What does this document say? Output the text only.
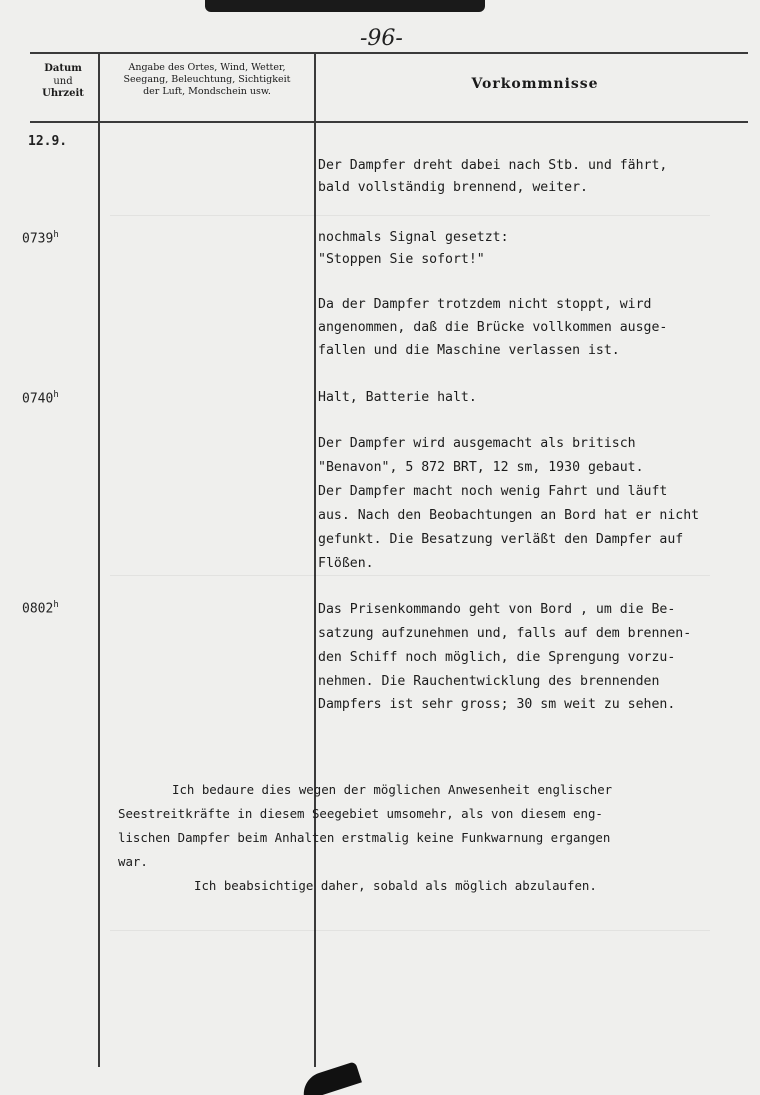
-96-
Datum
und
Uhrzeit
Angabe des Ortes, Wind, Wetter,
Seegang, Beleuchtung, Sichtigkeit
der Luft, Mondschein usw.	Vorkommnisse
12.9.
0739$^h$
0740$^h$
0802$^h$
Der Dampfer dreht dabei nach Stb. und fährt,
bald vollständig brennend, weiter.
nochmals Signal gesetzt:
"Stoppen Sie sofort!"
Da der Dampfer trotzdem nicht stoppt, wird
angenommen, daß die Brücke vollkommen ausge-
fallen und die Maschine verlassen ist.
Halt, Batterie halt.
Der Dampfer wird ausgemacht als britisch
"Benavon", 5 872 BRT, 12 sm, 1930 gebaut.
Der Dampfer macht noch wenig Fahrt und läuft
aus. Nach den Beobachtungen an Bord hat er nicht
gefunkt. Die Besatzung verläßt den Dampfer auf
Flößen.
Das Prisenkommando geht von Bord , um die Be-
satzung aufzunehmen und, falls auf dem brennen-
den Schiff noch möglich, die Sprengung vorzu-
nehmen. Die Rauchentwicklung des brennenden
Dampfers ist sehr gross; 30 sm weit zu sehen.
Ich bedaure dies wegen der möglichen Anwesenheit englischer
Seestreitkräfte in diesem Seegebiet umsomehr, als von diesem eng-
lischen Dampfer beim Anhalten erstmalig keine Funkwarnung ergangen
war.
Ich beabsichtige daher, sobald als möglich abzulaufen.
